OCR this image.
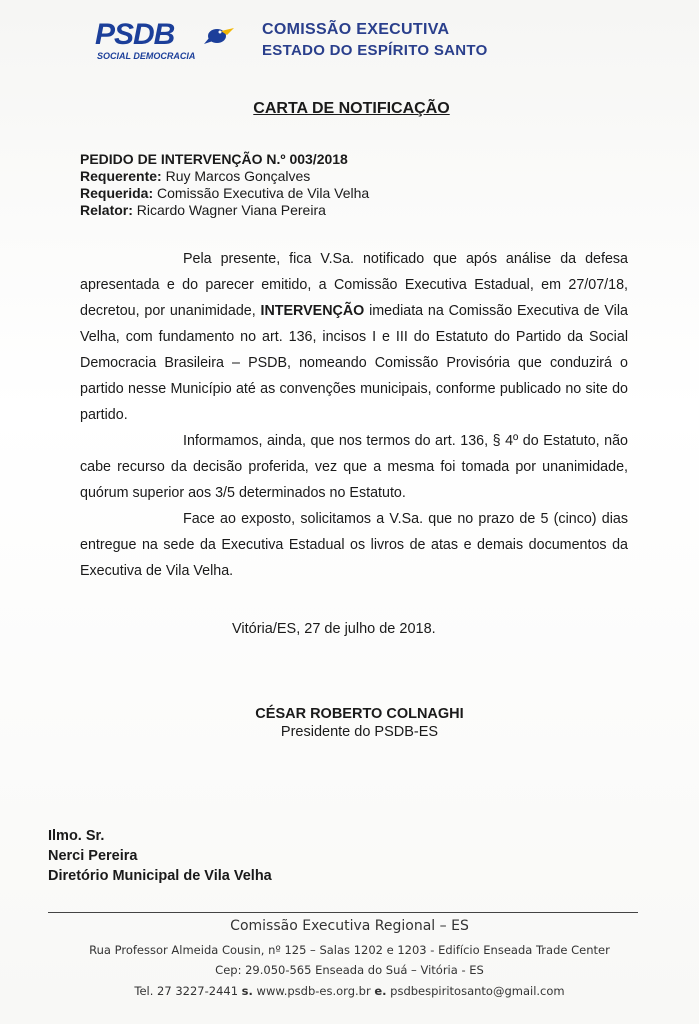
PSDB
SOCIAL DEMOCRACIA
COMISSÃO EXECUTIVA
ESTADO DO ESPÍRITO SANTO
CARTA DE NOTIFICAÇÃO
PEDIDO DE INTERVENÇÃO N.º 003/2018
Requerente: Ruy Marcos Gonçalves
Requerida: Comissão Executiva de Vila Velha
Relator: Ricardo Wagner Viana Pereira

Pela presente, fica V.Sa. notificado que após análise da defesa apresentada e do parecer emitido, a Comissão Executiva Estadual, em 27/07/18, decretou, por unanimidade, INTERVENÇÃO imediata na Comissão Executiva de Vila Velha, com fundamento no art. 136, incisos I e III do Estatuto do Partido da Social Democracia Brasileira – PSDB, nomeando Comissão Provisória que conduzirá o partido nesse Município até as convenções municipais, conforme publicado no site do partido.

Informamos, ainda, que nos termos do art. 136, § 4º do Estatuto, não cabe recurso da decisão proferida, vez que a mesma foi tomada por unanimidade, quórum superior aos 3/5 determinados no Estatuto.

Face ao exposto, solicitamos a V.Sa. que no prazo de 5 (cinco) dias entregue na sede da Executiva Estadual os livros de atas e demais documentos da Executiva de Vila Velha.

Vitória/ES, 27 de julho de 2018.
CÉSAR ROBERTO COLNAGHI
Presidente do PSDB-ES
Ilmo. Sr.
Nerci Pereira
Diretório Municipal de Vila Velha
Comissão Executiva Regional – ES
Rua Professor Almeida Cousin, nº 125 – Salas 1202 e 1203 - Edifício Enseada Trade Center
Cep: 29.050-565 Enseada do Suá – Vitória - ES
Tel. 27 3227-2441 s. www.psdb-es.org.br e. psdbespiritosanto@gmail.com
